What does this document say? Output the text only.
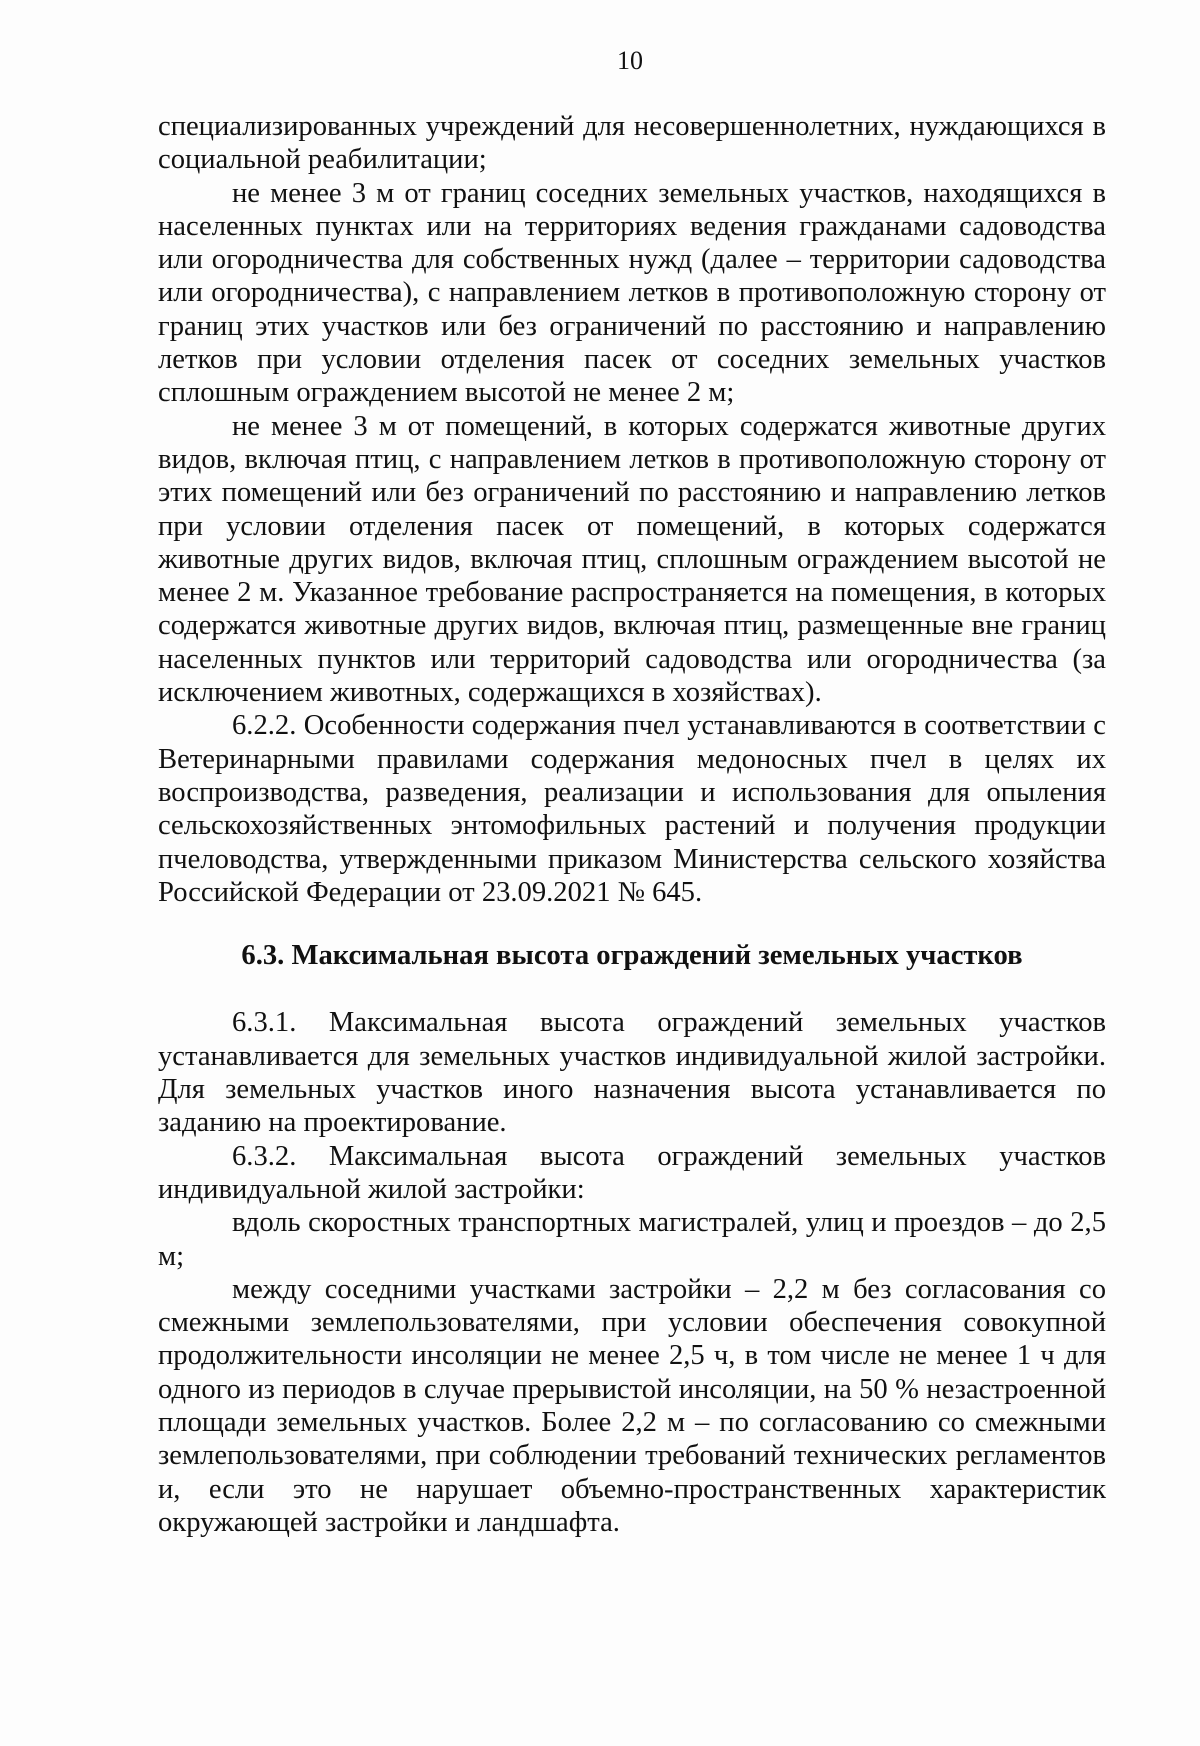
10

специализированных учреждений для несовершеннолетних, нуждающихся в социальной реабилитации;

не менее 3 м от границ соседних земельных участков, находящихся в населенных пунктах или на территориях ведения гражданами садоводства или огородничества для собственных нужд (далее – территории садоводства или огородничества), с направлением летков в противоположную сторону от границ этих участков или без ограничений по расстоянию и направлению летков при условии отделения пасек от соседних земельных участков сплошным ограждением высотой не менее 2 м;

не менее 3 м от помещений, в которых содержатся животные других видов, включая птиц, с направлением летков в противоположную сторону от этих помещений или без ограничений по расстоянию и направлению летков при условии отделения пасек от помещений, в которых содержатся животные других видов, включая птиц, сплошным ограждением высотой не менее 2 м. Указанное требование распространяется на помещения, в которых содержатся животные других видов, включая птиц, размещенные вне границ населенных пунктов или территорий садоводства или огородничества (за исключением животных, содержащихся в хозяйствах).

6.2.2. Особенности содержания пчел устанавливаются в соответствии с Ветеринарными правилами содержания медоносных пчел в целях их воспроизводства, разведения, реализации и использования для опыления сельскохозяйственных энтомофильных растений и получения продукции пчеловодства, утвержденными приказом Министерства сельского хозяйства Российской Федерации от 23.09.2021 № 645.

6.3. Максимальная высота ограждений земельных участков

6.3.1. Максимальная высота ограждений земельных участков устанавливается для земельных участков индивидуальной жилой застройки. Для земельных участков иного назначения высота устанавливается по заданию на проектирование.

6.3.2. Максимальная высота ограждений земельных участков индивидуальной жилой застройки:

вдоль скоростных транспортных магистралей, улиц и проездов – до 2,5 м;

между соседними участками застройки – 2,2 м без согласования со смежными землепользователями, при условии обеспечения совокупной продолжительности инсоляции не менее 2,5 ч, в том числе не менее 1 ч для одного из периодов в случае прерывистой инсоляции, на 50 % незастроенной площади земельных участков. Более 2,2 м – по согласованию со смежными землепользователями, при соблюдении требований технических регламентов и, если это не нарушает объемно-пространственных характеристик окружающей застройки и ландшафта.
